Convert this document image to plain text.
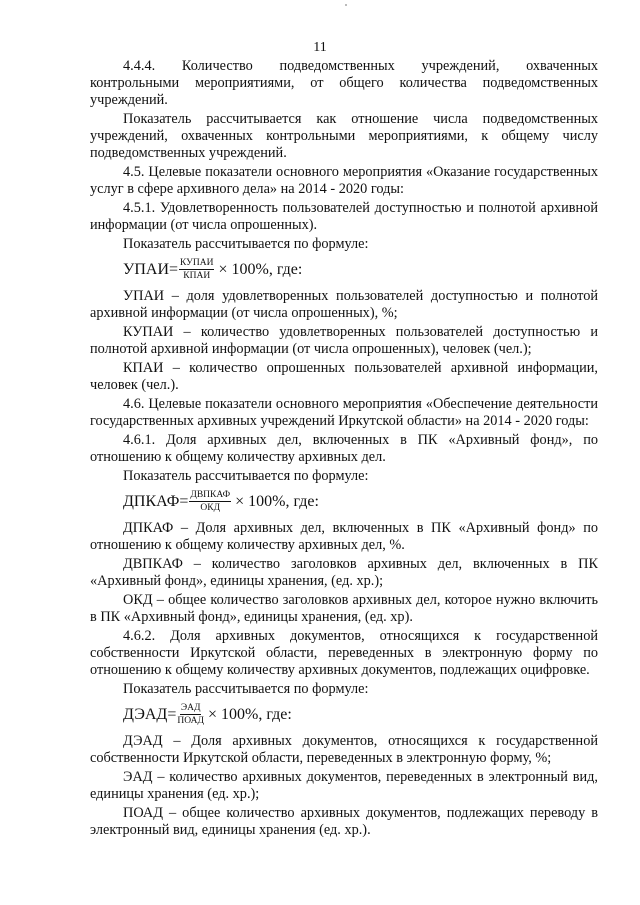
11

4.4.4. Количество подведомственных учреждений, охваченных контрольными мероприятиями, от общего количества подведомственных учреждений.

Показатель рассчитывается как отношение числа подведомственных учреждений, охваченных контрольными мероприятиями, к общему числу подведомственных учреждений.

4.5. Целевые показатели основного мероприятия «Оказание государственных услуг в сфере архивного дела» на 2014 - 2020 годы:

4.5.1. Удовлетворенность пользователей доступностью и полнотой архивной информации (от числа опрошенных).

Показатель рассчитывается по формуле:

УПАИ= $\frac{\text{КУПАИ}}{\text{КПАИ}} \times 100\%$, где:

УПАИ – доля удовлетворенных пользователей доступностью и полнотой архивной информации (от числа опрошенных), %;

КУПАИ – количество удовлетворенных пользователей доступностью и полнотой архивной информации (от числа опрошенных), человек (чел.);

КПАИ – количество опрошенных пользователей архивной информации, человек (чел.).

4.6. Целевые показатели основного мероприятия «Обеспечение деятельности государственных архивных учреждений Иркутской области» на 2014 - 2020 годы:

4.6.1. Доля архивных дел, включенных в ПК «Архивный фонд», по отношению к общему количеству архивных дел.

Показатель рассчитывается по формуле:

ДПКАФ= $\frac{\text{ДВПКАФ}}{\text{ОКД}} \times 100\%$, где:

ДПКАФ – Доля архивных дел, включенных в ПК «Архивный фонд» по отношению к общему количеству архивных дел, %.

ДВПКАФ – количество заголовков архивных дел, включенных в ПК «Архивный фонд», единицы хранения, (ед. хр.);

ОКД – общее количество заголовков архивных дел, которое нужно включить в ПК «Архивный фонд», единицы хранения, (ед. хр).

4.6.2. Доля архивных документов, относящихся к государственной собственности Иркутской области, переведенных в электронную форму по отношению к общему количеству архивных документов, подлежащих оцифровке.

Показатель рассчитывается по формуле:

ДЭАД= $\frac{\text{ЭАД}}{\text{ПОАД}} \times 100\%$, где:

ДЭАД – Доля архивных документов, относящихся к государственной собственности Иркутской области, переведенных в электронную форму, %;

ЭАД – количество архивных документов, переведенных в электронный вид, единицы хранения (ед. хр.);

ПОАД – общее количество архивных документов, подлежащих переводу в электронный вид, единицы хранения (ед. хр.).
